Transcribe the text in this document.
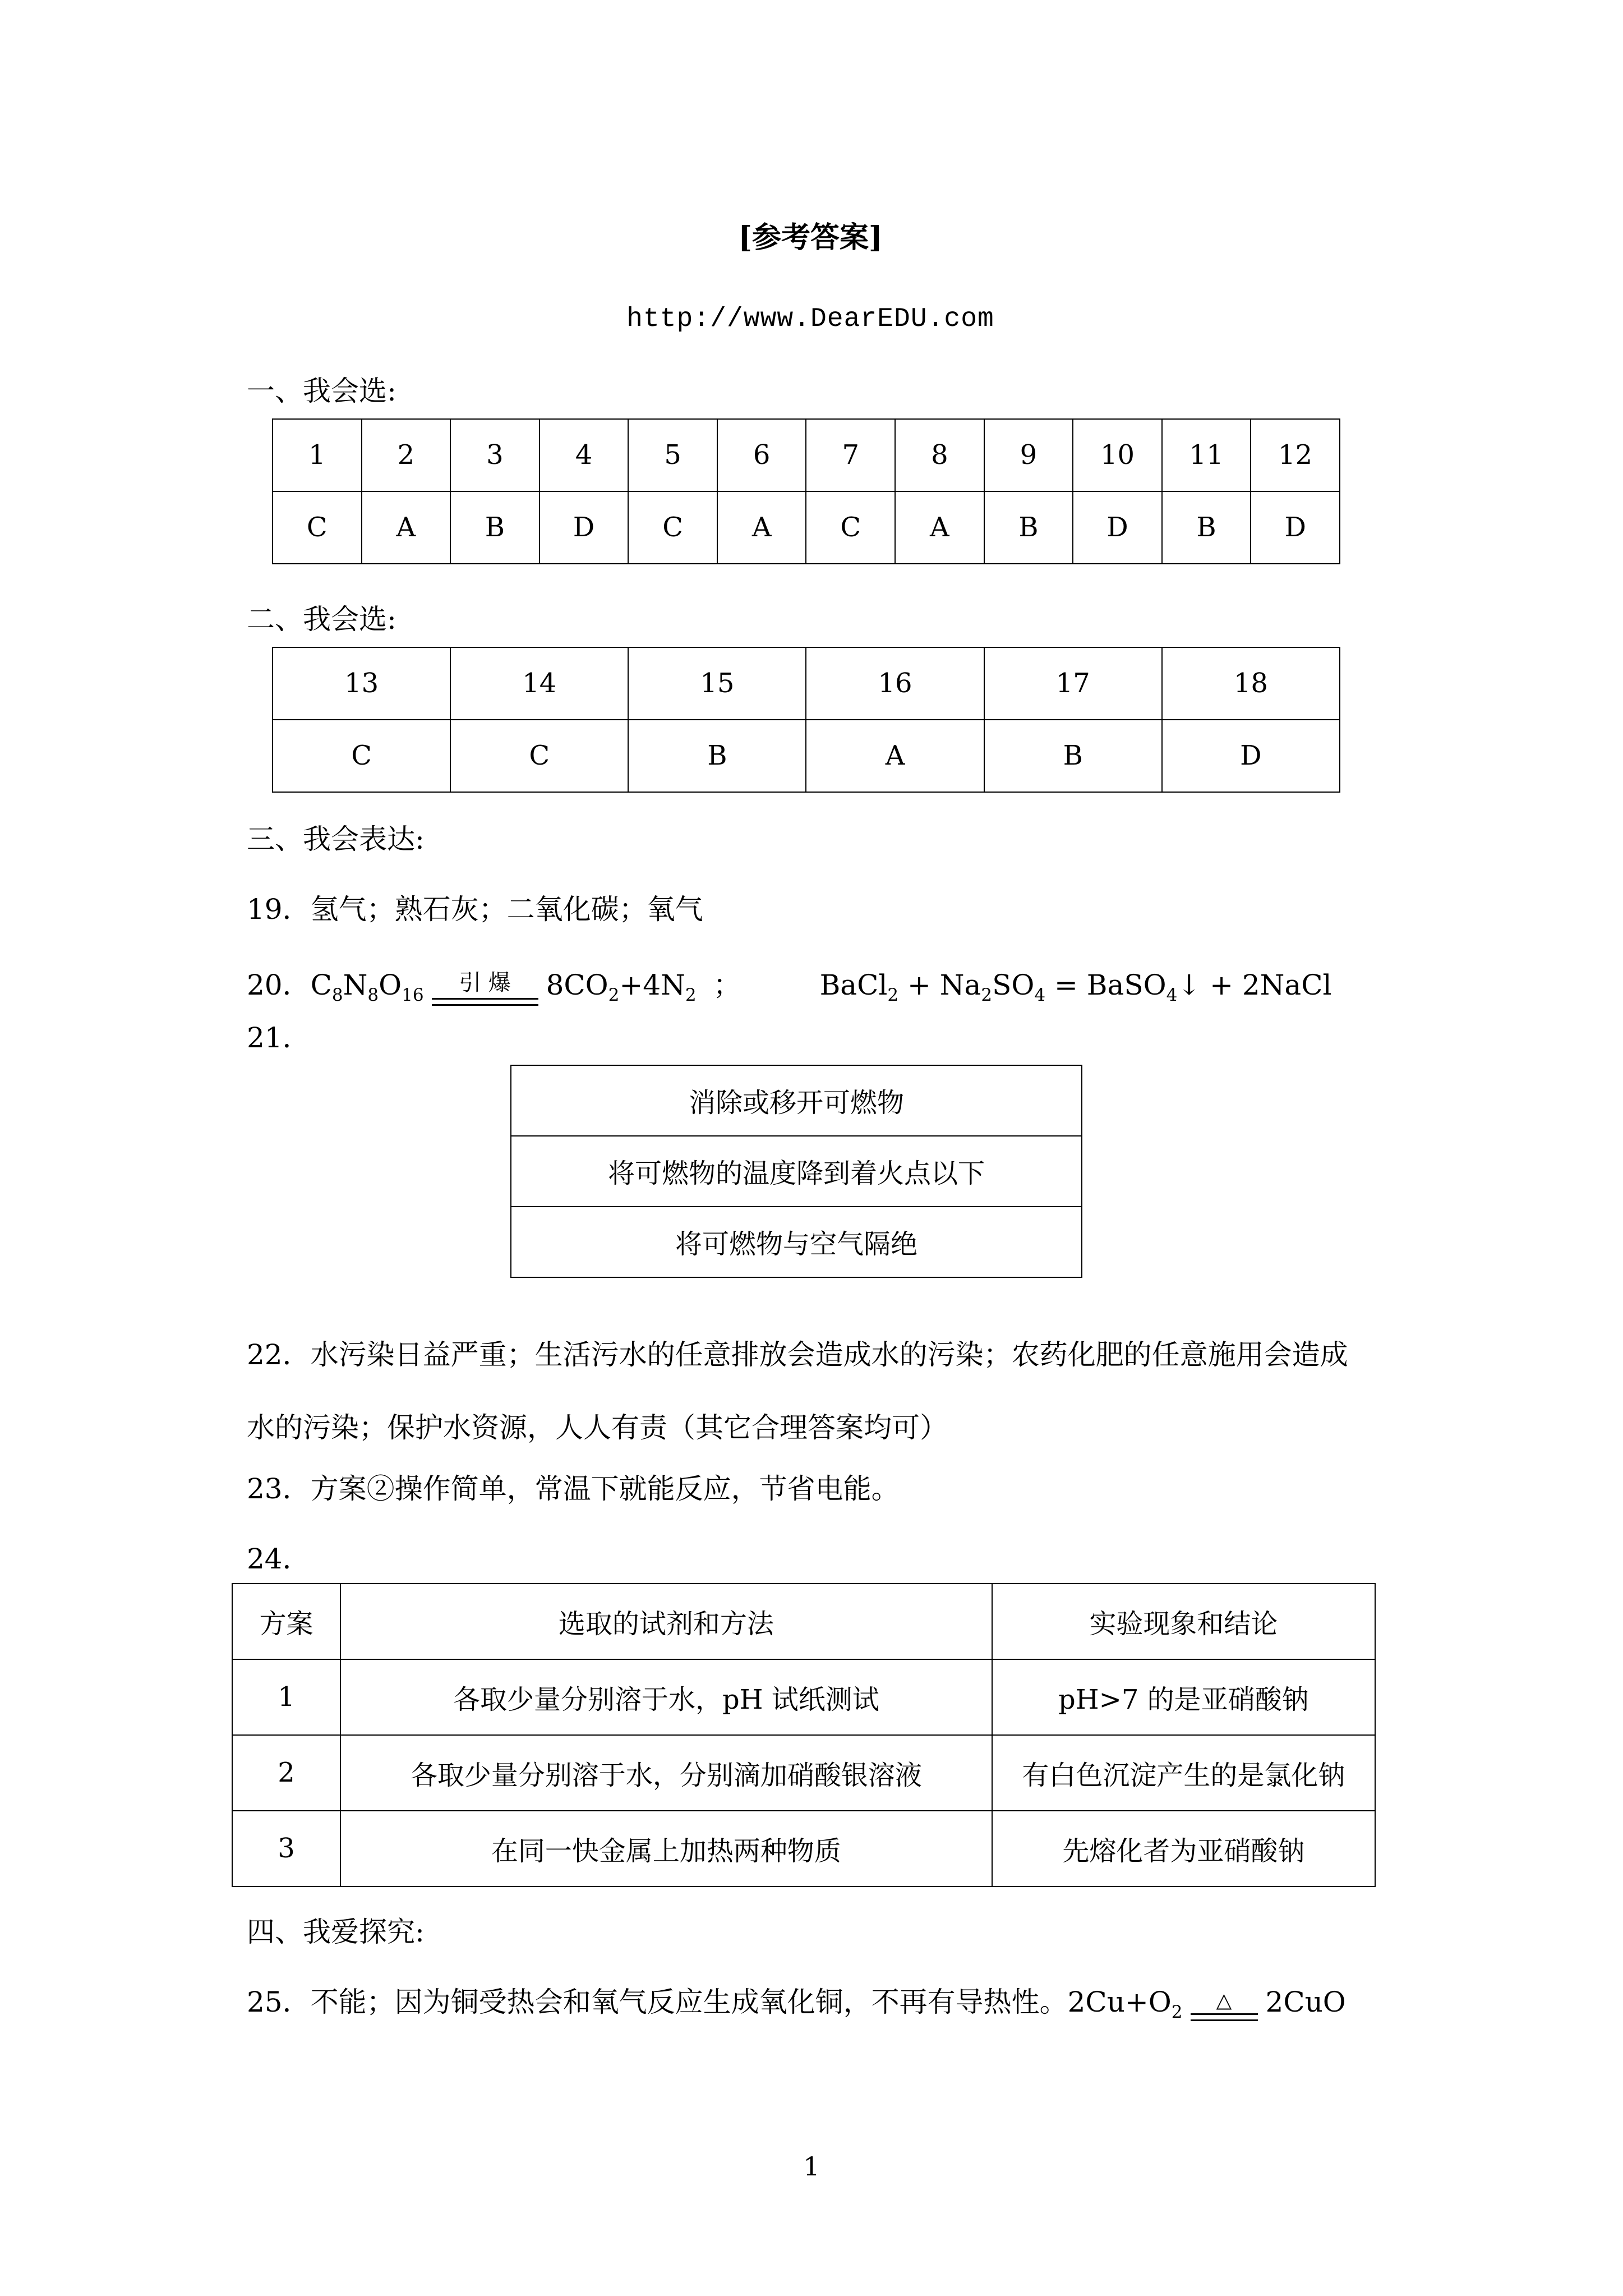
[参考答案]

http://www.DearEDU.com

一、我会选:

1	2	3	4	5	6	7	8	9	10	11	12
C	A	B	D	C	A	C	A	B	D	B	D

二、我会选:

13	14	15	16	17	18
C	C	B	A	B	D

三、我会表达:

19．氢气；熟石灰；二氧化碳；氧气

20．$C_8N_8O_{16}$	引 爆	$8CO_2+4N_2$ ；	BaCl$_2$ + $Na_2SO_4$ = BaSO$_4$↓ + 2NaCl

21．

消除或移开可燃物
将可燃物的温度降到着火点以下
将可燃物与空气隔绝

22．水污染日益严重；生活污水的任意排放会造成水的污染；农药化肥的任意施用会造成水的污染；保护水资源，人人有责（其它合理答案均可）

23．方案②操作简单，常温下就能反应，节省电能。

24．

方案	选取的试剂和方法	实验现象和结论
1	各取少量分别溶于水，pH 试纸测试	pH>7 的是亚硝酸钠
2	各取少量分别溶于水，分别滴加硝酸银溶液	有白色沉淀产生的是氯化钠
3	在同一快金属上加热两种物质	先熔化者为亚硝酸钠

四、我爱探究:

25．不能；因为铜受热会和氧气反应生成氧化铜，不再有导热性。$2Cu+O_2$	△	2CuO

1
